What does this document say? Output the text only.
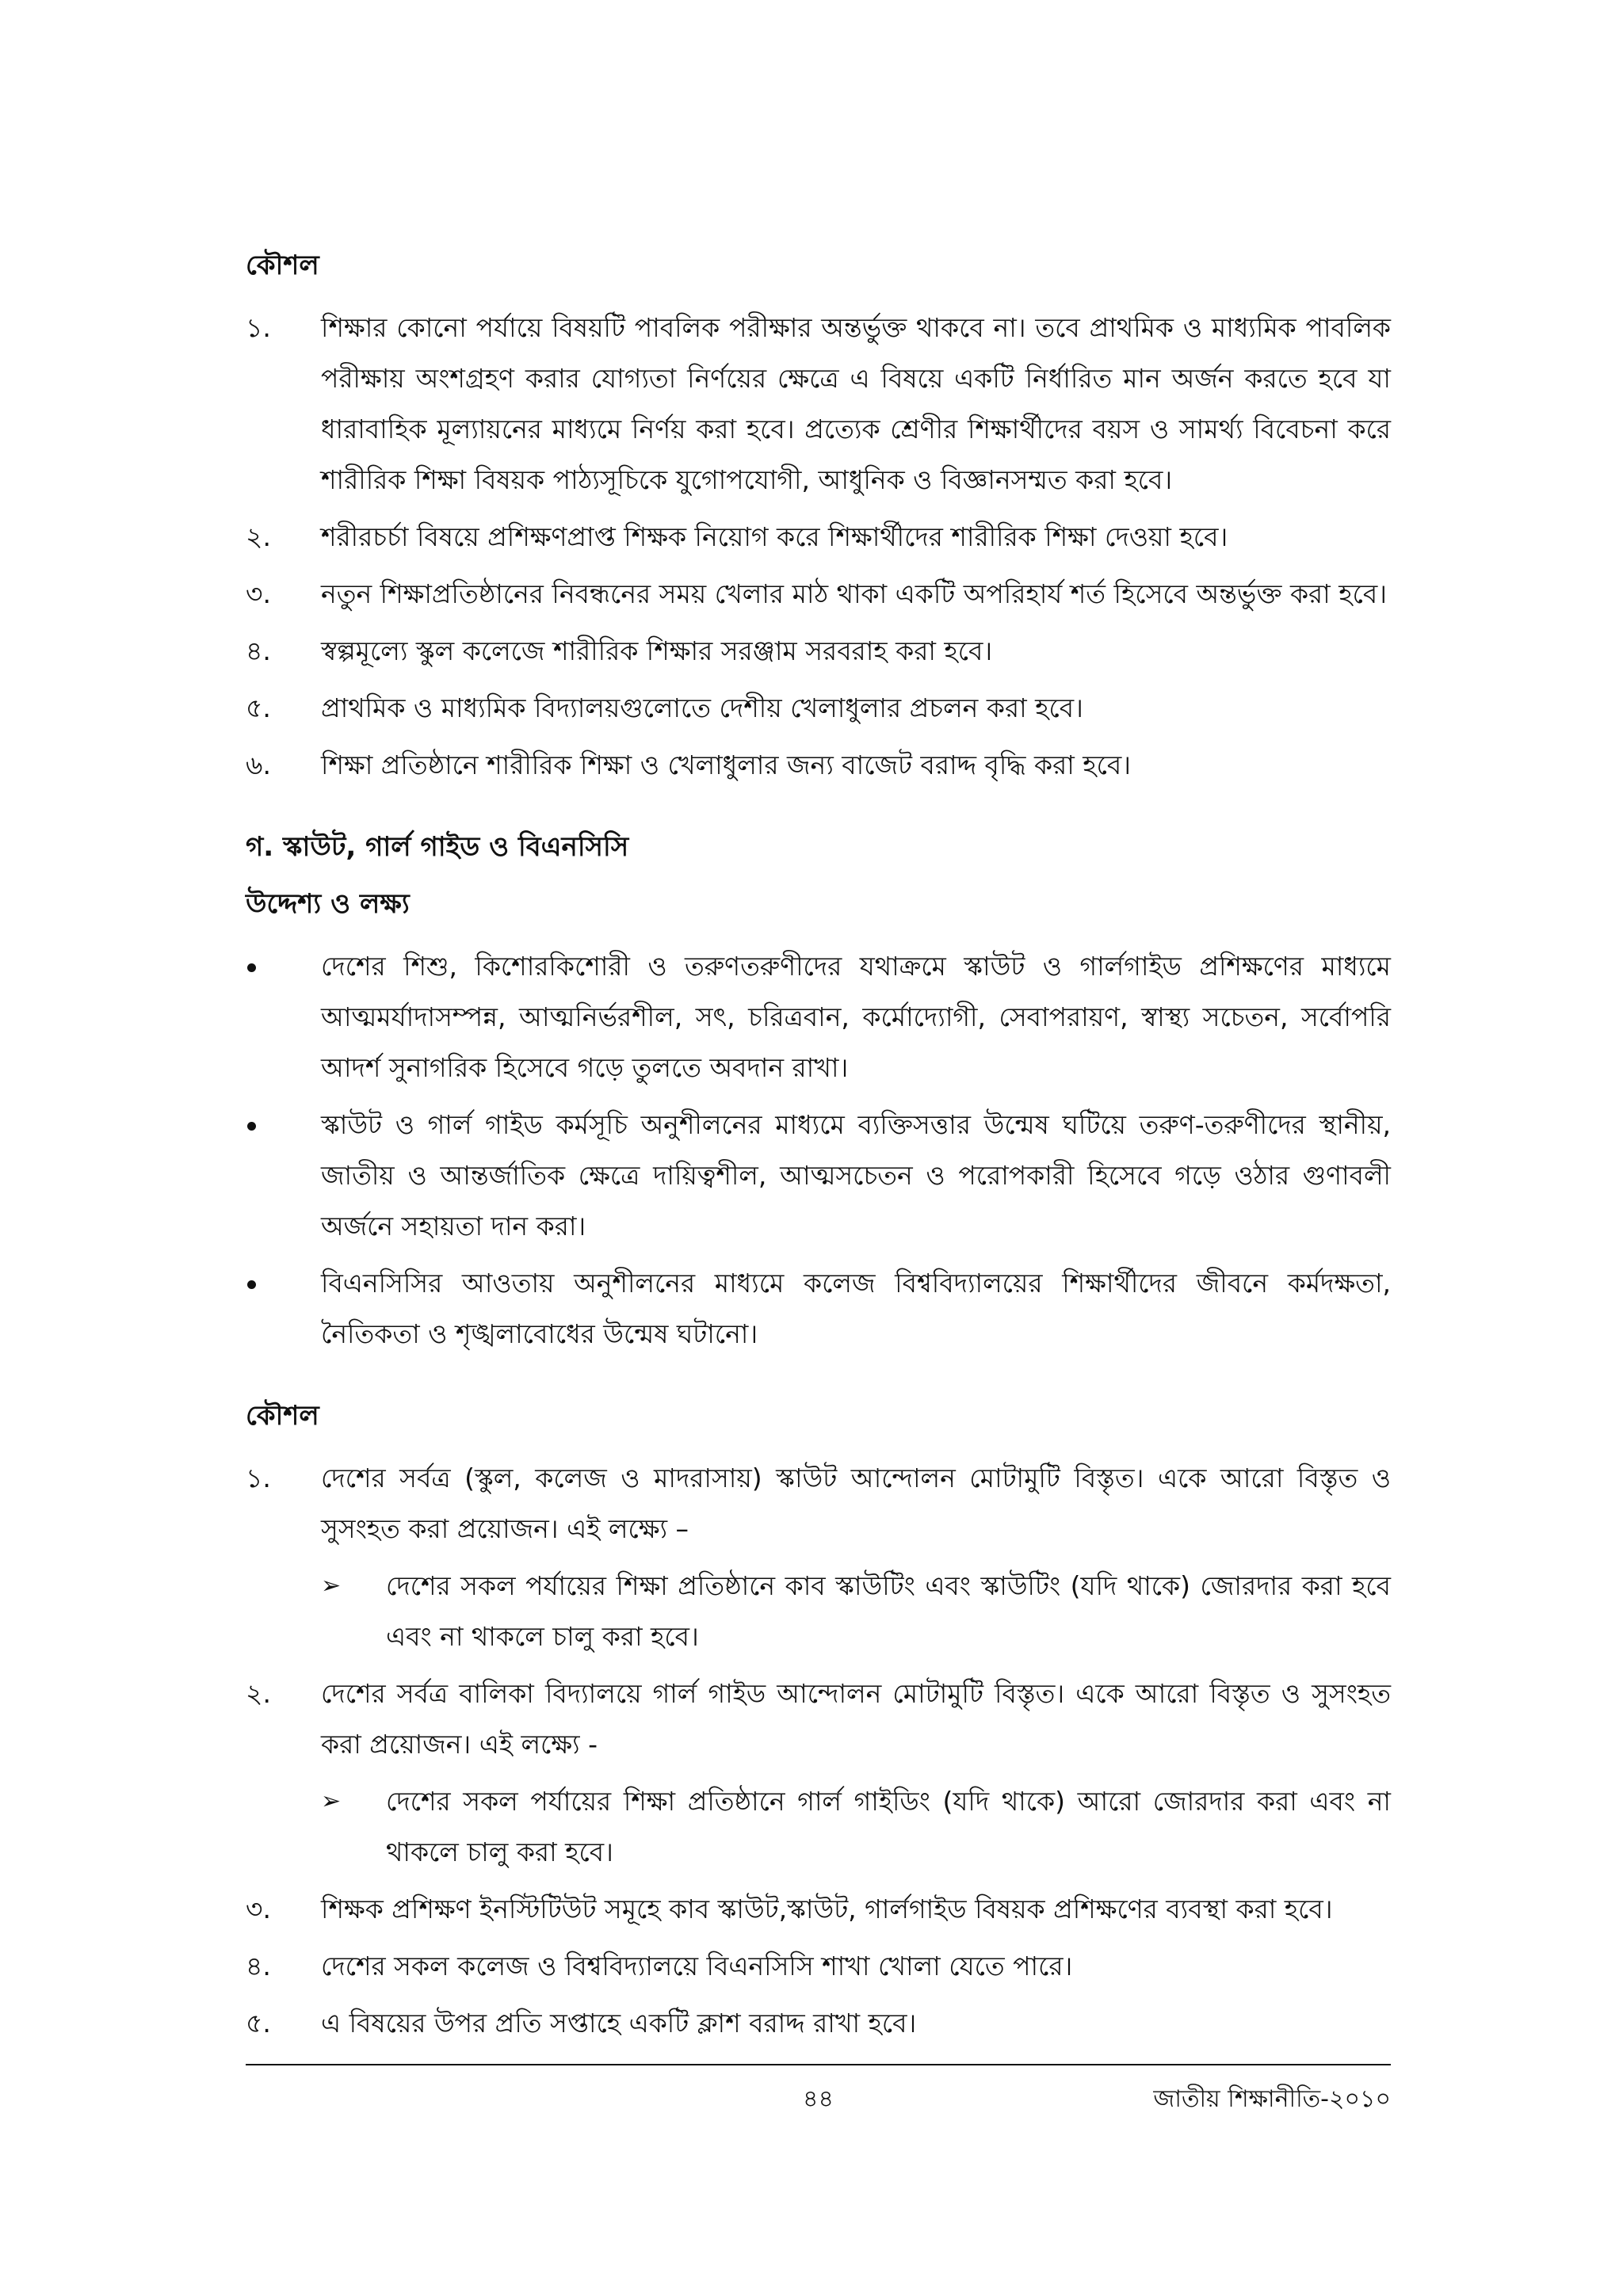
কৌশল
১.	শিক্ষার কোনো পর্যায়ে বিষয়টি পাবলিক পরীক্ষার অন্তর্ভুক্ত থাকবে না। তবে প্রাথমিক ও মাধ্যমিক পাবলিক পরীক্ষায় অংশগ্রহণ করার যোগ্যতা নির্ণয়ের ক্ষেত্রে এ বিষয়ে একটি নির্ধারিত মান অর্জন করতে হবে যা ধারাবাহিক মূল্যায়নের মাধ্যমে নির্ণয় করা হবে। প্রত্যেক শ্রেণীর শিক্ষার্থীদের বয়স ও সামর্থ্য বিবেচনা করে শারীরিক শিক্ষা বিষয়ক পাঠ্যসূচিকে যুগোপযোগী, আধুনিক ও বিজ্ঞানসম্মত করা হবে।
২.	শরীরচর্চা বিষয়ে প্রশিক্ষণপ্রাপ্ত শিক্ষক নিয়োগ করে শিক্ষার্থীদের শারীরিক শিক্ষা দেওয়া হবে।
৩.	নতুন শিক্ষাপ্রতিষ্ঠানের নিবন্ধনের সময় খেলার মাঠ থাকা একটি অপরিহার্য শর্ত হিসেবে অন্তর্ভুক্ত করা হবে।
৪.	স্বল্পমূল্যে স্কুল কলেজে শারীরিক শিক্ষার সরঞ্জাম সরবরাহ করা হবে।
৫.	প্রাথমিক ও মাধ্যমিক বিদ্যালয়গুলোতে দেশীয় খেলাধুলার প্রচলন করা হবে।
৬.	শিক্ষা প্রতিষ্ঠানে শারীরিক শিক্ষা ও খেলাধুলার জন্য বাজেট বরাদ্দ বৃদ্ধি করা হবে।
গ. স্কাউট, গার্ল গাইড ও বিএনসিসি
উদ্দেশ্য ও লক্ষ্য
দেশের শিশু, কিশোরকিশোরী ও তরুণতরুণীদের যথাক্রমে স্কাউট ও গার্লগাইড প্রশিক্ষণের মাধ্যমে আত্মমর্যাদাসম্পন্ন, আত্মনির্ভরশীল, সৎ, চরিত্রবান, কর্মোদ্যোগী, সেবাপরায়ণ, স্বাস্থ্য সচেতন, সর্বোপরি আদর্শ সুনাগরিক হিসেবে গড়ে তুলতে অবদান রাখা।
স্কাউট ও গার্ল গাইড কর্মসূচি অনুশীলনের মাধ্যমে ব্যক্তিসত্তার উন্মেষ ঘটিয়ে তরুণ-তরুণীদের স্থানীয়, জাতীয় ও আন্তর্জাতিক ক্ষেত্রে দায়িত্বশীল, আত্মসচেতন ও পরোপকারী হিসেবে গড়ে ওঠার গুণাবলী অর্জনে সহায়তা দান করা।
বিএনসিসির আওতায় অনুশীলনের মাধ্যমে কলেজ বিশ্ববিদ্যালয়ের শিক্ষার্থীদের জীবনে কর্মদক্ষতা, নৈতিকতা ও শৃঙ্খলাবোধের উন্মেষ ঘটানো।
কৌশল
১.	দেশের সর্বত্র (স্কুল, কলেজ ও মাদরাসায়) স্কাউট আন্দোলন মোটামুটি বিস্তৃত। একে আরো বিস্তৃত ও সুসংহত করা প্রয়োজন। এই লক্ষ্যে –
➢	দেশের সকল পর্যায়ের শিক্ষা প্রতিষ্ঠানে কাব স্কাউটিং এবং স্কাউটিং (যদি থাকে) জোরদার করা হবে এবং না থাকলে চালু করা হবে।
২.	দেশের সর্বত্র বালিকা বিদ্যালয়ে গার্ল গাইড আন্দোলন মোটামুটি বিস্তৃত। একে আরো বিস্তৃত ও সুসংহত করা প্রয়োজন। এই লক্ষ্যে -
➢	দেশের সকল পর্যায়ের শিক্ষা প্রতিষ্ঠানে গার্ল গাইডিং (যদি থাকে) আরো জোরদার করা এবং না থাকলে চালু করা হবে।
৩.	শিক্ষক প্রশিক্ষণ ইনস্টিটিউট সমূহে কাব স্কাউট,স্কাউট, গার্লগাইড বিষয়ক প্রশিক্ষণের ব্যবস্থা করা হবে।
৪.	দেশের সকল কলেজ ও বিশ্ববিদ্যালয়ে বিএনসিসি শাখা খোলা যেতে পারে।
৫.	এ বিষয়ের উপর প্রতি সপ্তাহে একটি ক্লাশ বরাদ্দ রাখা হবে।
৪৪	জাতীয় শিক্ষানীতি-২০১০
